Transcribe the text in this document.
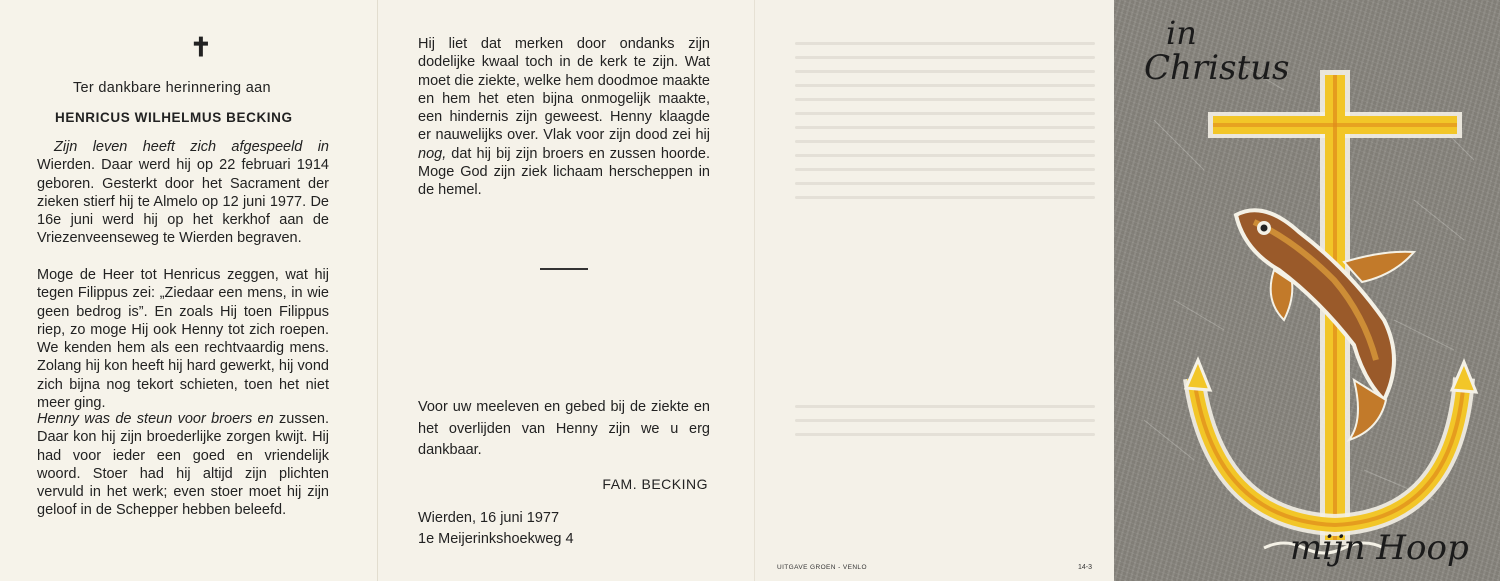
✝
Ter dankbare herinnering aan
HENRICUS WILHELMUS BECKING

Zijn leven heeft zich afgespeeld in Wierden. Daar werd hij op 22 februari 1914 geboren. Gesterkt door het Sacrament der zieken stierf hij te Almelo op 12 juni 1977. De 16e juni werd hij op het kerkhof aan de Vriezenveenseweg te Wierden begraven.

Moge de Heer tot Henricus zeggen, wat hij tegen Filippus zei: „Ziedaar een mens, in wie geen bedrog is”. En zoals Hij toen Filippus riep, zo moge Hij ook Henny tot zich roepen. We kenden hem als een rechtvaardig mens. Zolang hij kon heeft hij hard gewerkt, hij vond zich bijna nog tekort schieten, toen het niet meer ging.

Henny was de steun voor broers en zussen. Daar kon hij zijn broederlijke zorgen kwijt. Hij had voor ieder een goed en vriendelijk woord. Stoer had hij altijd zijn plichten vervuld in het werk; even stoer moet hij zijn geloof in de Schepper hebben beleefd.

Hij liet dat merken door ondanks zijn dodelijke kwaal toch in de kerk te zijn. Wat moet die ziekte, welke hem doodmoe maakte en hem het eten bijna onmogelijk maakte, een hindernis zijn geweest. Henny klaagde er nauwelijks over. Vlak voor zijn dood zei hij nog, dat hij bij zijn broers en zussen hoorde. Moge God zijn ziek lichaam herscheppen in de hemel.
Voor uw meeleven en gebed bij de ziekte en het overlijden van Henny zijn we u erg dankbaar.
FAM. BECKING
Wierden, 16 juni 1977
1e Meijerinkshoekweg 4
UITGAVE GROEN - VENLO	14-3
in
Christus
mijn Hoop
